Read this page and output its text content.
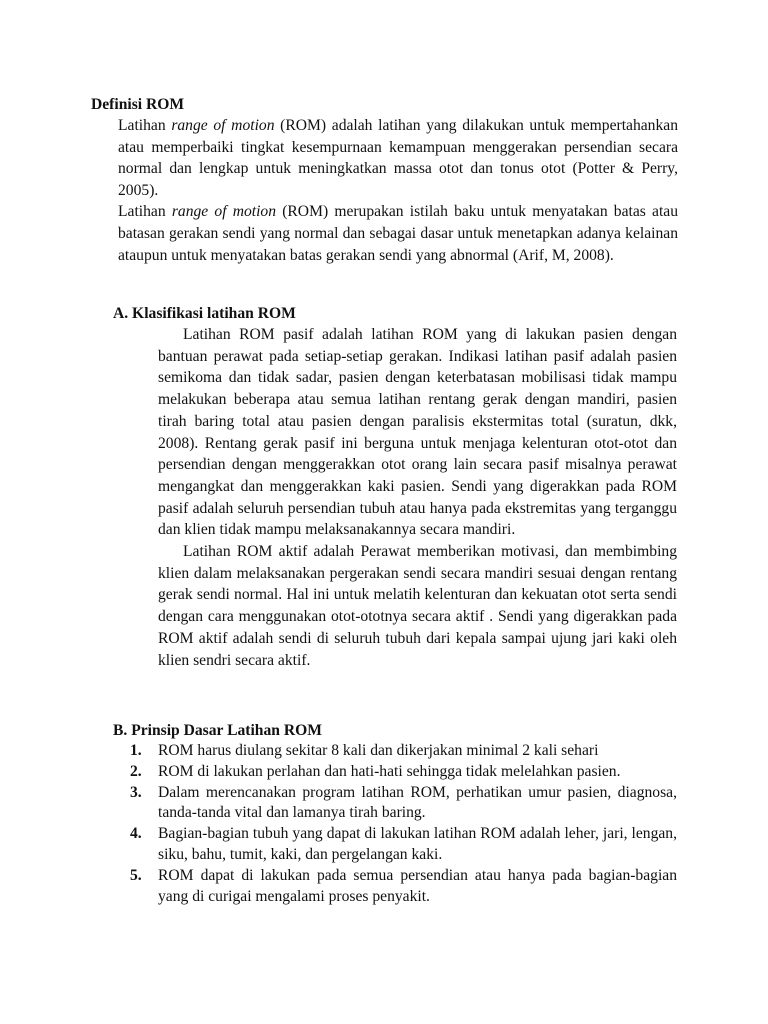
Definisi ROM

Latihan range of motion (ROM) adalah latihan yang dilakukan untuk mempertahankan atau memperbaiki tingkat kesempurnaan kemampuan menggerakan persendian secara normal dan lengkap untuk meningkatkan massa otot dan tonus otot (Potter & Perry, 2005).

Latihan range of motion (ROM) merupakan istilah baku untuk menyatakan batas atau batasan gerakan sendi yang normal dan sebagai dasar untuk menetapkan adanya kelainan ataupun untuk menyatakan batas gerakan sendi yang abnormal (Arif, M, 2008).

A. Klasifikasi latihan ROM

Latihan ROM pasif adalah latihan ROM yang di lakukan pasien dengan bantuan perawat pada setiap-setiap gerakan. Indikasi latihan pasif adalah pasien semikoma dan tidak sadar, pasien dengan keterbatasan mobilisasi tidak mampu melakukan beberapa atau semua latihan rentang gerak dengan mandiri, pasien tirah baring total atau pasien dengan paralisis ekstermitas total (suratun, dkk, 2008). Rentang gerak pasif ini berguna untuk menjaga kelenturan otot-otot dan persendian dengan menggerakkan otot orang lain secara pasif misalnya perawat mengangkat dan menggerakkan kaki pasien. Sendi yang digerakkan pada ROM pasif adalah seluruh persendian tubuh atau hanya pada ekstremitas yang terganggu dan klien tidak mampu melaksanakannya secara mandiri.

Latihan ROM aktif adalah Perawat memberikan motivasi, dan membimbing klien dalam melaksanakan pergerakan sendi secara mandiri sesuai dengan rentang gerak sendi normal. Hal ini untuk melatih kelenturan dan kekuatan otot serta sendi dengan cara menggunakan otot-ototnya secara aktif . Sendi yang digerakkan pada ROM aktif adalah sendi di seluruh tubuh dari kepala sampai ujung jari kaki oleh klien sendri secara aktif.

B. Prinsip Dasar Latihan ROM
1. ROM harus diulang sekitar 8 kali dan dikerjakan minimal 2 kali sehari
2. ROM di lakukan perlahan dan hati-hati sehingga tidak melelahkan pasien.
3. Dalam merencanakan program latihan ROM, perhatikan umur pasien, diagnosa, tanda-tanda vital dan lamanya tirah baring.
4. Bagian-bagian tubuh yang dapat di lakukan latihan ROM adalah leher, jari, lengan, siku, bahu, tumit, kaki, dan pergelangan kaki.
5. ROM dapat di lakukan pada semua persendian atau hanya pada bagian-bagian yang di curigai mengalami proses penyakit.
